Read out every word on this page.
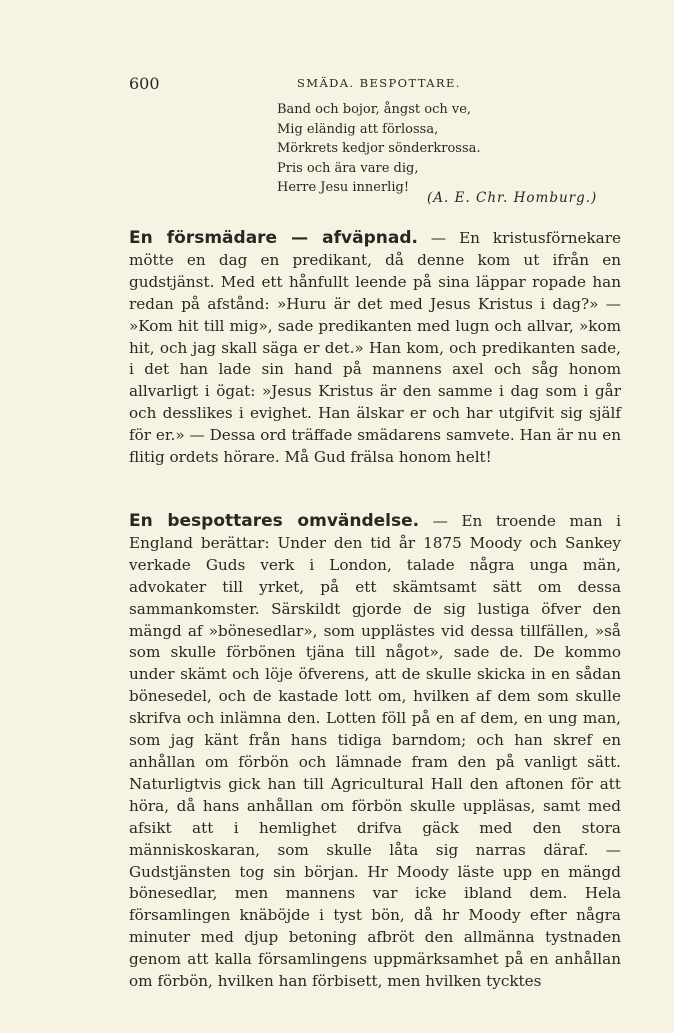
600	SMÄDA. BESPOTTARE.
Band och bojor, ångst och ve,
Mig eländig att förlossa,
Mörkrets kedjor sönderkrossa.
Pris och ära vare dig,
Herre Jesu innerlig!
(A. E. Chr. Homburg.)
En försmädare — afväpnad. — En kristusförnekare mötte en dag en predikant, då denne kom ut ifrån en gudstjänst. Med ett hånfullt leende på sina läppar ropade han redan på afstånd: »Huru är det med Jesus Kristus i dag?» — »Kom hit till mig», sade predikanten med lugn och allvar, »kom hit, och jag skall säga er det.» Han kom, och predikanten sade, i det han lade sin hand på mannens axel och såg honom allvarligt i ögat: »Jesus Kristus är den samme i dag som i går och desslikes i evighet. Han älskar er och har utgifvit sig själf för er.» — Dessa ord träffade smädarens samvete. Han är nu en flitig ordets hörare. Må Gud frälsa honom helt!
En bespottares omvändelse. — En troende man i England berättar: Under den tid år 1875 Moody och Sankey verkade Guds verk i London, talade några unga män, advokater till yrket, på ett skämtsamt sätt om dessa sammankomster. Särskildt gjorde de sig lustiga öfver den mängd af »bönesedlar», som upplästes vid dessa tillfällen, »så som skulle förbönen tjäna till något», sade de. De kommo under skämt och löje öfverens, att de skulle skicka in en sådan bönesedel, och de kastade lott om, hvilken af dem som skulle skrifva och inlämna den. Lotten föll på en af dem, en ung man, som jag känt från hans tidiga barndom; och han skref en anhållan om förbön och lämnade fram den på vanligt sätt. Naturligtvis gick han till Agricultural Hall den aftonen för att höra, då hans anhållan om förbön skulle uppläsas, samt med afsikt att i hemlighet drifva gäck med den stora människoskaran, som skulle låta sig narras däraf. — Gudstjänsten tog sin början. Hr Moody läste upp en mängd bönesedlar, men mannens var icke ibland dem. Hela församlingen knäböjde i tyst bön, då hr Moody efter några minuter med djup betoning afbröt den allmänna tystnaden genom att kalla församlingens uppmärksamhet på en anhållan om förbön, hvilken han förbisett, men hvilken tycktes
